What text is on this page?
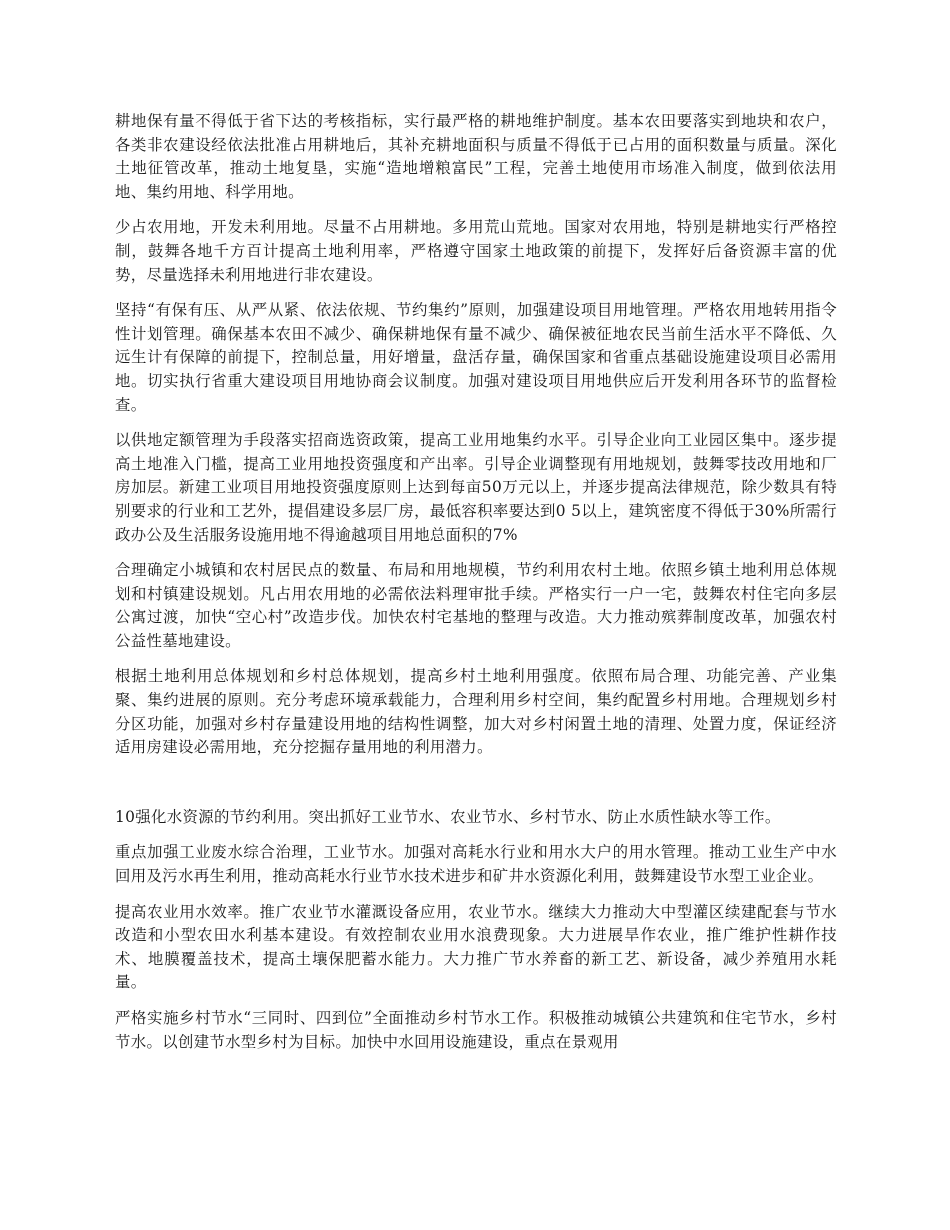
耕地保有量不得低于省下达的考核指标，实行最严格的耕地维护制度。基本农田要落实到地块和农户，各类非农建设经依法批准占用耕地后，其补充耕地面积与质量不得低于已占用的面积数量与质量。深化土地征管改革，推动土地复垦，实施“造地增粮富民”工程，完善土地使用市场准入制度，做到依法用地、集约用地、科学用地。

少占农用地，开发未利用地。尽量不占用耕地。多用荒山荒地。国家对农用地，特别是耕地实行严格控制，鼓舞各地千方百计提高土地利用率，严格遵守国家土地政策的前提下，发挥好后备资源丰富的优势，尽量选择未利用地进行非农建设。

坚持“有保有压、从严从紧、依法依规、节约集约”原则，加强建设项目用地管理。严格农用地转用指令性计划管理。确保基本农田不减少、确保耕地保有量不减少、确保被征地农民当前生活水平不降低、久远生计有保障的前提下，控制总量，用好增量，盘活存量，确保国家和省重点基础设施建设项目必需用地。切实执行省重大建设项目用地协商会议制度。加强对建设项目用地供应后开发利用各环节的监督检查。

以供地定额管理为手段落实招商选资政策，提高工业用地集约水平。引导企业向工业园区集中。逐步提高土地准入门槛，提高工业用地投资强度和产出率。引导企业调整现有用地规划，鼓舞零技改用地和厂房加层。新建工业项目用地投资强度原则上达到每亩50万元以上，并逐步提高法律规范，除少数具有特别要求的行业和工艺外，提倡建设多层厂房，最低容积率要达到0 5以上，建筑密度不得低于30%所需行政办公及生活服务设施用地不得逾越项目用地总面积的7%

合理确定小城镇和农村居民点的数量、布局和用地规模，节约利用农村土地。依照乡镇土地利用总体规划和村镇建设规划。凡占用农用地的必需依法料理审批手续。严格实行一户一宅，鼓舞农村住宅向多层公寓过渡，加快“空心村”改造步伐。加快农村宅基地的整理与改造。大力推动殡葬制度改革，加强农村公益性墓地建设。

根据土地利用总体规划和乡村总体规划，提高乡村土地利用强度。依照布局合理、功能完善、产业集聚、集约进展的原则。充分考虑环境承载能力，合理利用乡村空间，集约配置乡村用地。合理规划乡村分区功能，加强对乡村存量建设用地的结构性调整，加大对乡村闲置土地的清理、处置力度，保证经济适用房建设必需用地，充分挖掘存量用地的利用潜力。

10强化水资源的节约利用。突出抓好工业节水、农业节水、乡村节水、防止水质性缺水等工作。

重点加强工业废水综合治理，工业节水。加强对高耗水行业和用水大户的用水管理。推动工业生产中水回用及污水再生利用，推动高耗水行业节水技术进步和矿井水资源化利用，鼓舞建设节水型工业企业。

提高农业用水效率。推广农业节水灌溉设备应用，农业节水。继续大力推动大中型灌区续建配套与节水改造和小型农田水利基本建设。有效控制农业用水浪费现象。大力进展旱作农业，推广维护性耕作技术、地膜覆盖技术，提高土壤保肥蓄水能力。大力推广节水养畜的新工艺、新设备，减少养殖用水耗量。

严格实施乡村节水“三同时、四到位”全面推动乡村节水工作。积极推动城镇公共建筑和住宅节水，乡村节水。以创建节水型乡村为目标。加快中水回用设施建设，重点在景观用
